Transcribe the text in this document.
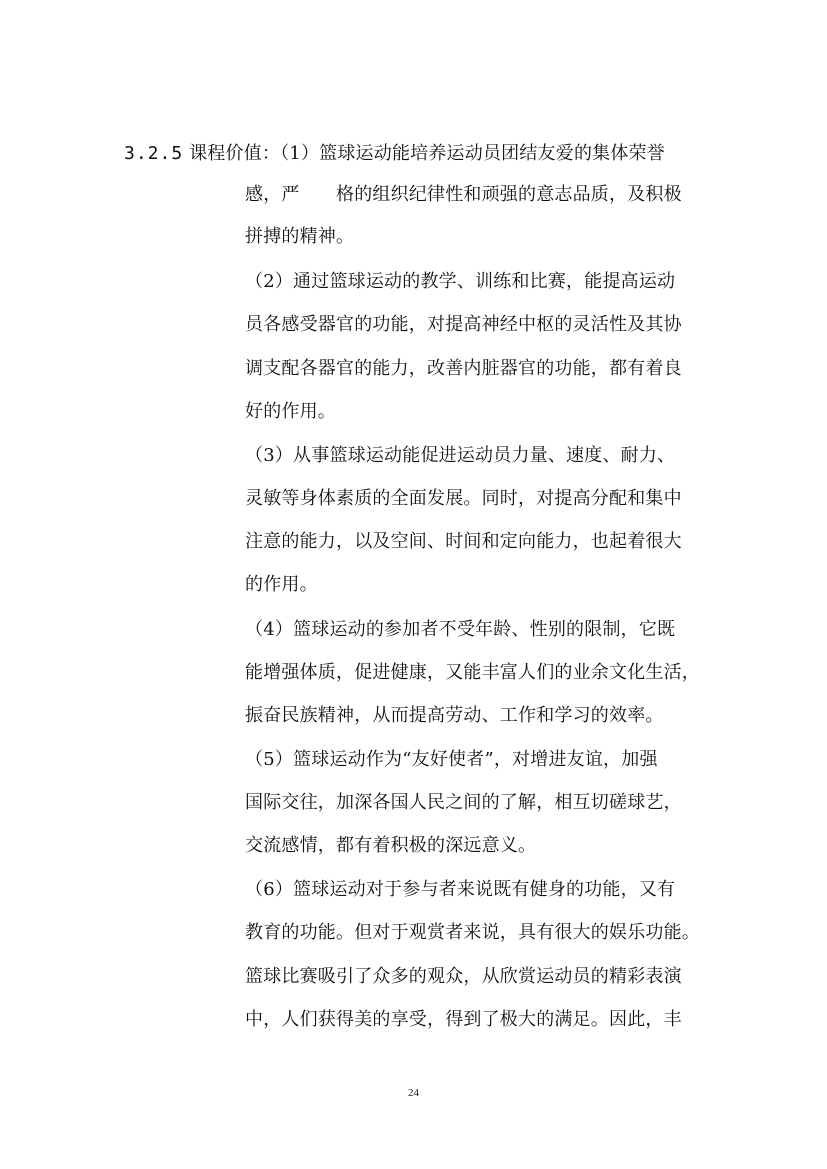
3.2.5 课程价值：（1）篮球运动能培养运动员团结友爱的集体荣誉
感，严　　格的组织纪律性和顽强的意志品质，及积极
拼搏的精神。
（2）通过篮球运动的教学、训练和比赛，能提高运动
员各感受器官的功能，对提高神经中枢的灵活性及其协
调支配各器官的能力，改善内脏器官的功能，都有着良
好的作用。
（3）从事篮球运动能促进运动员力量、速度、耐力、
灵敏等身体素质的全面发展。同时，对提高分配和集中
注意的能力，以及空间、时间和定向能力，也起着很大
的作用。
（4）篮球运动的参加者不受年龄、性别的限制，它既
能增强体质，促进健康，又能丰富人们的业余文化生活，
振奋民族精神，从而提高劳动、工作和学习的效率。
（5）篮球运动作为“友好使者”，对增进友谊，加强
国际交往，加深各国人民之间的了解，相互切磋球艺，
交流感情，都有着积极的深远意义。
（6）篮球运动对于参与者来说既有健身的功能，又有
教育的功能。但对于观赏者来说，具有很大的娱乐功能。
篮球比赛吸引了众多的观众，从欣赏运动员的精彩表演
中，人们获得美的享受，得到了极大的满足。因此，丰
24
